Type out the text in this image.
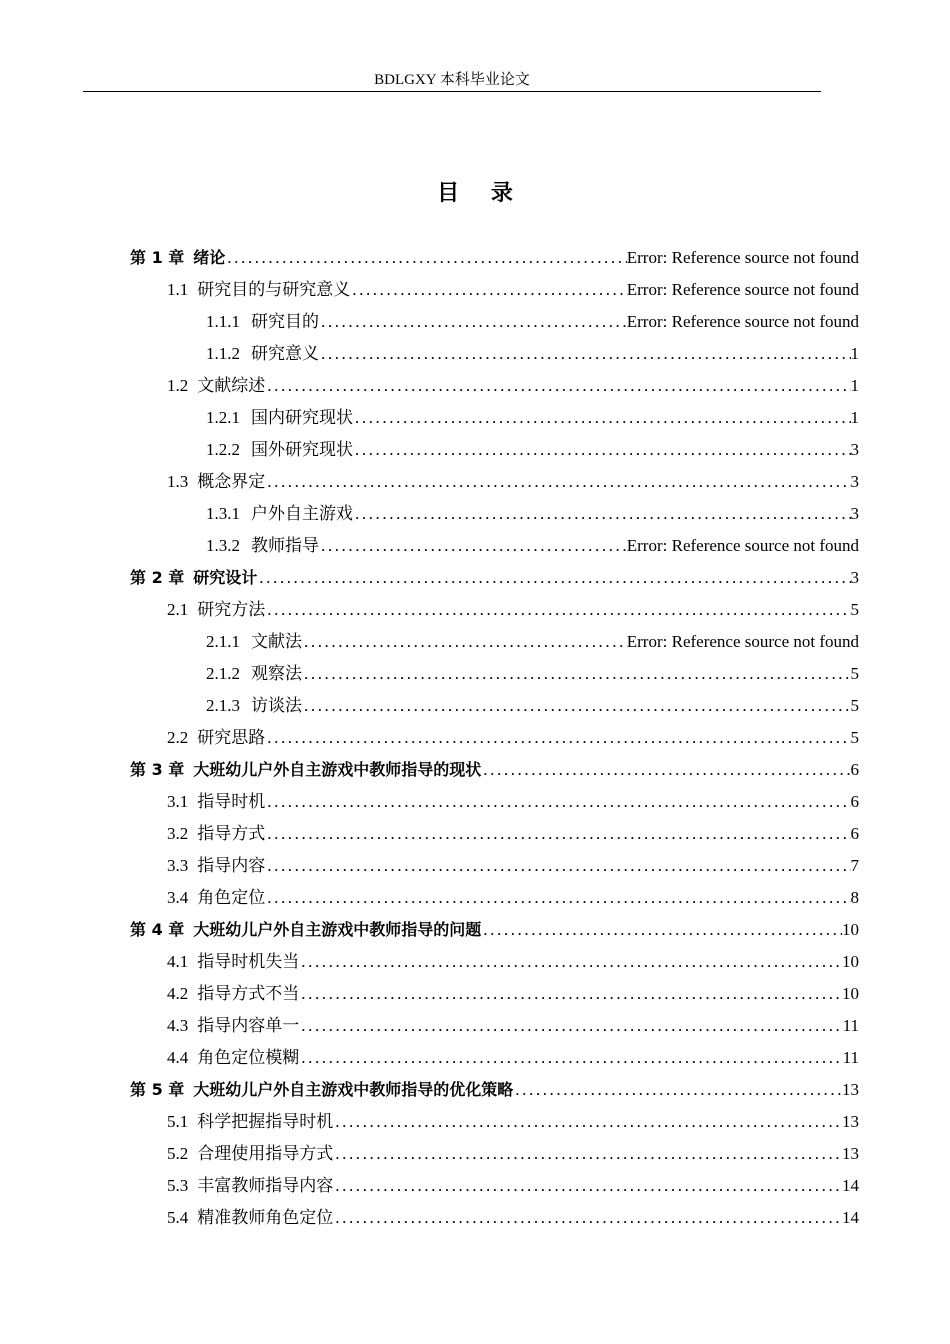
BDLGXY 本科毕业论文
目 录
第 1 章 绪论 .....	Error: Reference source not found
1.1 研究目的与研究意义 .....	Error: Reference source not found
1.1.1 研究目的 .....	Error: Reference source not found
1.1.2 研究意义 .....	1
1.2 文献综述 .....	1
1.2.1 国内研究现状 .....	1
1.2.2 国外研究现状 .....	3
1.3 概念界定 .....	3
1.3.1 户外自主游戏 .....	3
1.3.2 教师指导 .....	Error: Reference source not found
第 2 章 研究设计 .....	3
2.1 研究方法 .....	5
2.1.1 文献法 .....	Error: Reference source not found
2.1.2 观察法 .....	5
2.1.3 访谈法 .....	5
2.2 研究思路 .....	5
第 3 章 大班幼儿户外自主游戏中教师指导的现状 .....	6
3.1 指导时机 .....	6
3.2 指导方式 .....	6
3.3 指导内容 .....	7
3.4 角色定位 .....	8
第 4 章 大班幼儿户外自主游戏中教师指导的问题 .....	10
4.1 指导时机失当 .....	10
4.2 指导方式不当 .....	10
4.3 指导内容单一 .....	11
4.4 角色定位模糊 .....	11
第 5 章 大班幼儿户外自主游戏中教师指导的优化策略 .....	13
5.1 科学把握指导时机 .....	13
5.2 合理使用指导方式 .....	13
5.3 丰富教师指导内容 .....	14
5.4 精准教师角色定位 .....	14
